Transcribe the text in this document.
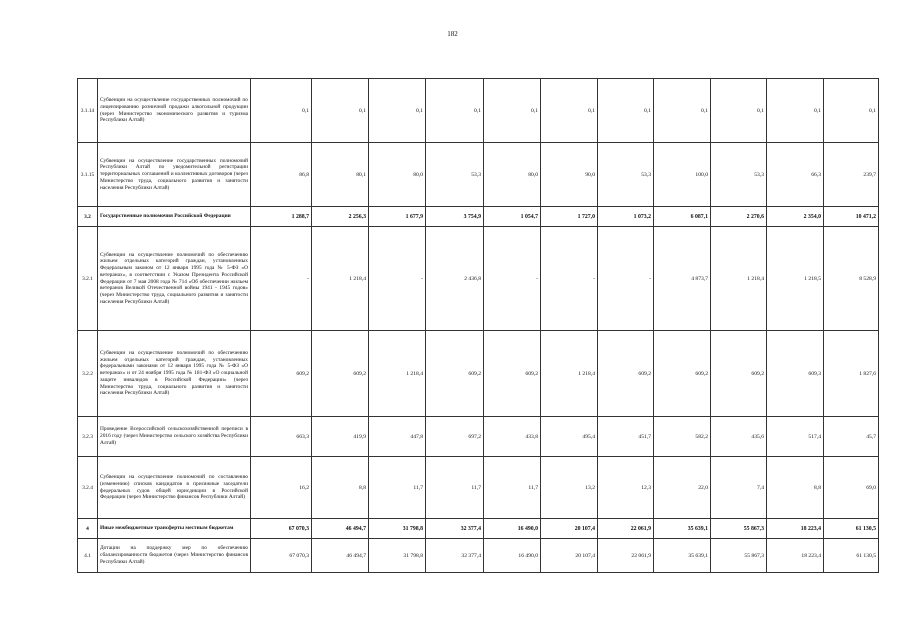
182
3.1.14	Субвенции на осуществление государственных полномочий по лицензированию розничной продажи алкогольной продукции (через Министерство экономического развития и туризма Республики Алтай)	0,1	0,1	0,1	0,1	0,1	0,1	0,1	0,1	0,1	0,1	0,1
3.1.15	Субвенции на осуществление государственных полномочий Республики Алтай по уведомительной регистрации территориальных соглашений и коллективных договоров (через Министерство труда, социального развития и занятости населения Республики Алтай)	86,8	80,1	80,0	53,3	80,0	90,0	53,3	100,0	53,3	66,3	239,7
3.2	Государственные полномочия Российской Федерации	1 288,7	2 256,3	1 677,9	3 754,9	1 054,7	1 727,0	1 073,2	6 087,1	2 270,6	2 354,0	10 471,2
3.2.1	Субвенции на осуществление полномочий по обеспечению жильем отдельных категорий граждан, установленных Федеральным законом от 12 января 1995 года № 5-ФЗ «О ветеранах», в соответствии с Указом Президента Российской Федерации от 7 мая 2008 года № 714 «Об обеспечении жильем ветеранов Великой Отечественной войны 1941 - 1945 годов» (через Министерство труда, социального развития и занятости населения Республики Алтай)	-	1 218,4	-	2 436,8	-	-	-	4 873,7	1 218,4	1 218,5	8 528,9
3.2.2	Субвенции на осуществление полномочий по обеспечению жильем отдельных категорий граждан, установленных федеральными законами от 12 января 1995 года № 5-ФЗ «О ветеранах» и от 24 ноября 1995 года № 181-ФЗ «О социальной защите инвалидов в Российской Федерации» (через Министерство труда, социального развития и занятости населения Республики Алтай)	609,2	609,2	1 218,4	609,2	609,2	1 218,4	609,2	609,2	609,2	609,3	1 827,6
3.2.3	Проведение Всероссийской сельскохозяйственной переписи в 2016 году (через Министерство сельского хозяйства Республики Алтай)	663,3	419,9	447,8	697,2	433,8	495,4	451,7	582,2	435,6	517,4	45,7
3.2.4	Субвенции на осуществление полномочий по составлению (изменению) списков кандидатов в присяжные заседатели федеральных судов общей юрисдикции в Российской Федерации (через Министерство финансов Республики Алтай)	16,2	8,8	11,7	11,7	11,7	13,2	12,3	22,0	7,4	8,8	69,0
4	Иные межбюджетные трансферты местным бюджетам	67 070,3	46 494,7	31 798,8	32 377,4	16 490,0	20 107,4	22 061,9	35 639,1	55 867,3	18 223,4	61 130,5
4.1	Дотации на поддержку мер по обеспечению сбалансированности бюджетов (через Министерство финансов Республики Алтай)	67 070,3	46 494,7	31 798,8	32 377,4	16 490,0	20 107,4	22 061,9	35 639,1	55 867,3	18 223,4	61 130,5
